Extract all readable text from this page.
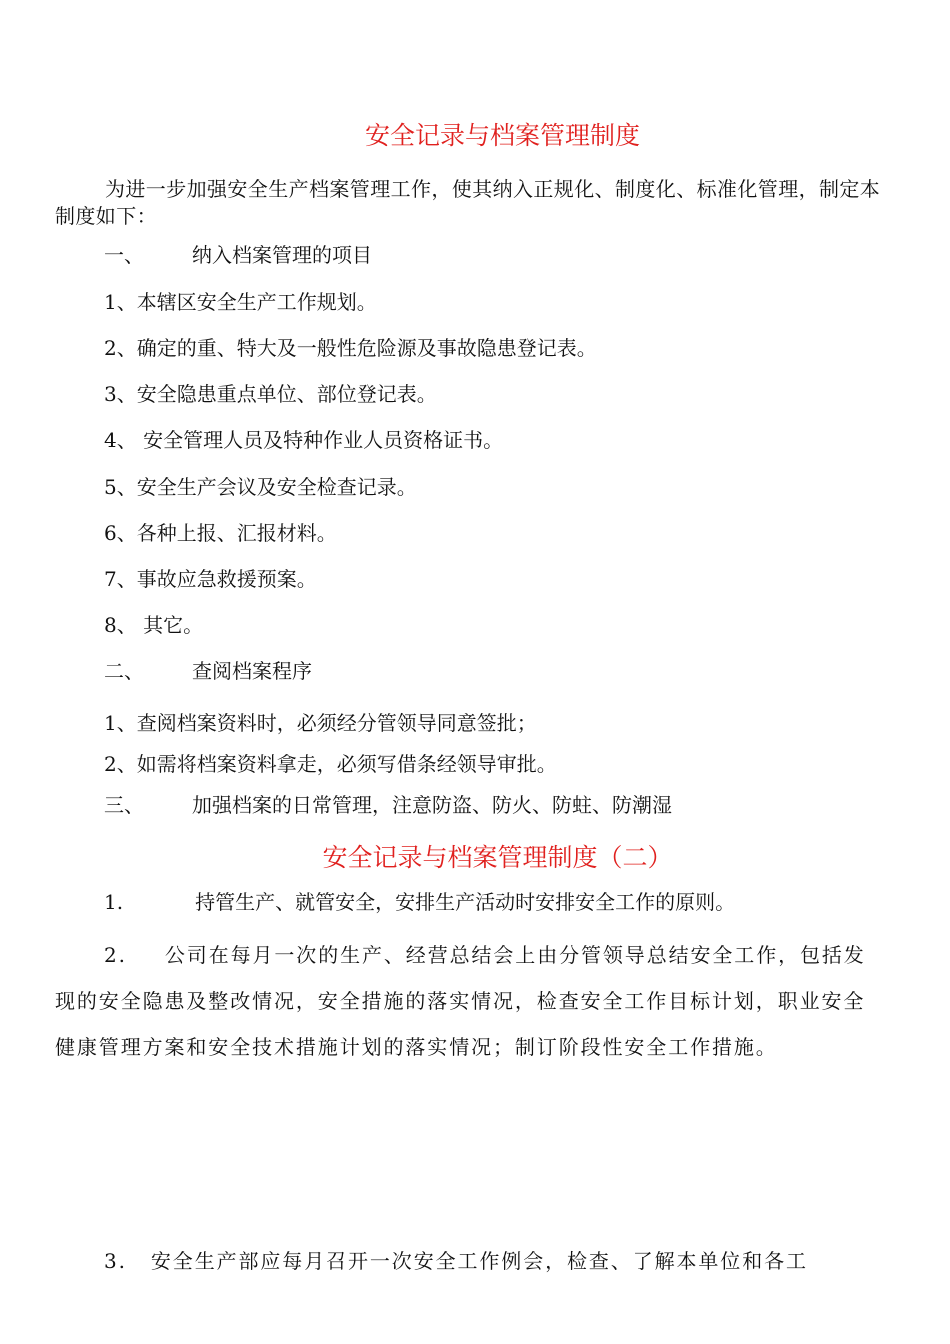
安全记录与档案管理制度
为进一步加强安全生产档案管理工作，使其纳入正规化、制度化、标准化管理，制定本制度如下：
一、 纳入档案管理的项目
1、本辖区安全生产工作规划。
2、确定的重、特大及一般性危险源及事故隐患登记表。
3、安全隐患重点单位、部位登记表。
4、 安全管理人员及特种作业人员资格证书。
5、安全生产会议及安全检查记录。
6、各种上报、汇报材料。
7、事故应急救援预案。
8、 其它。
二、 查阅档案程序
1、查阅档案资料时，必须经分管领导同意签批；
2、如需将档案资料拿走，必须写借条经领导审批。
三、 加强档案的日常管理，注意防盗、防火、防蛀、防潮湿
安全记录与档案管理制度（二）
1.	持管生产、就管安全，安排生产活动时安排安全工作的原则。
2. 公司在每月一次的生产、经营总结会上由分管领导总结安全工作，包括发现的安全隐患及整改情况，安全措施的落实情况，检查安全工作目标计划，职业安全健康管理方案和安全技术措施计划的落实情况；制订阶段性安全工作措施。
3. 安全生产部应每月召开一次安全工作例会，检查、了解本单位和各工
